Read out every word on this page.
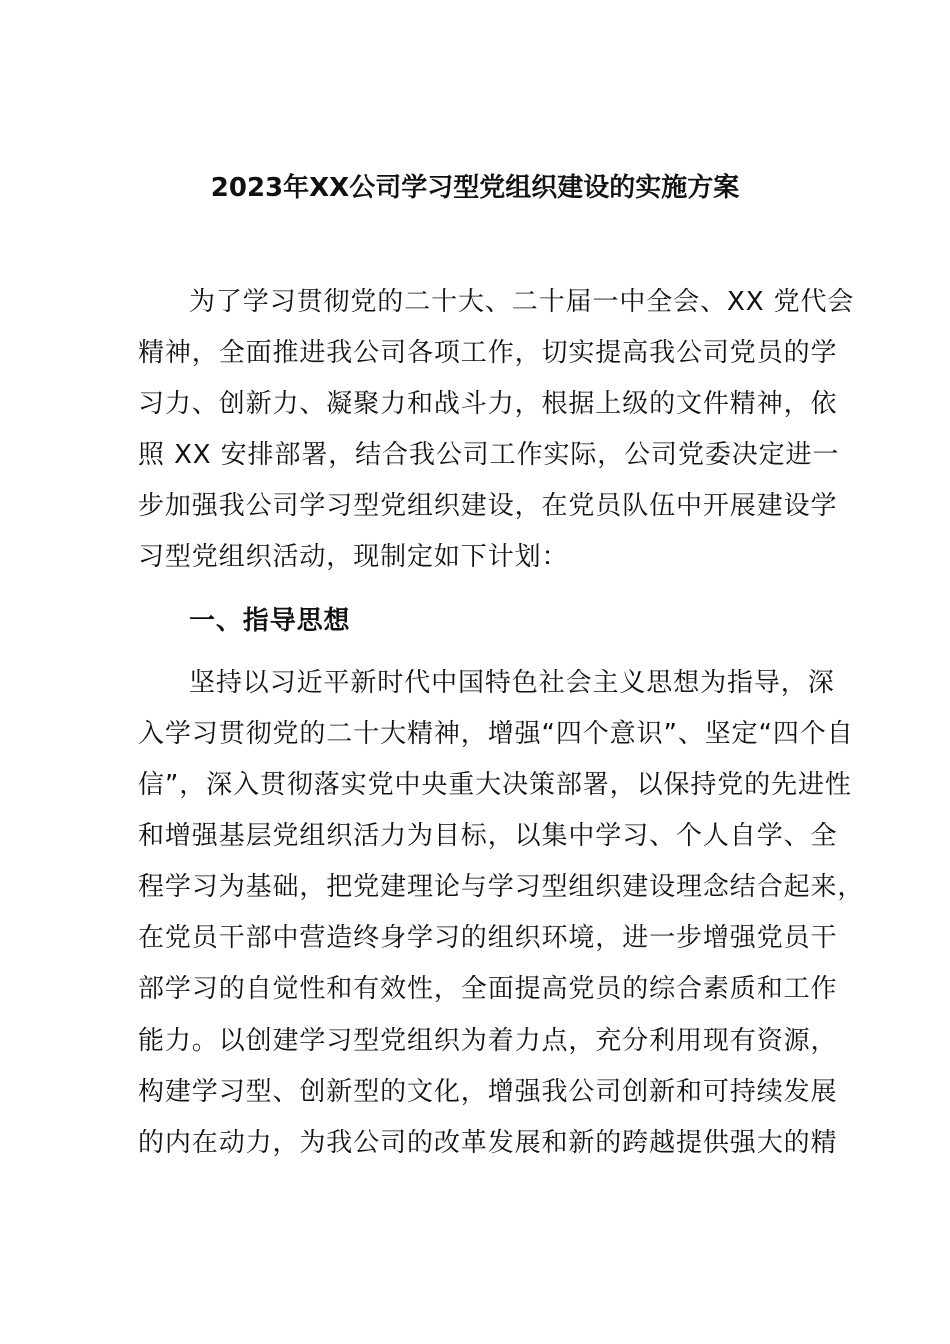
2023年XX公司学习型党组织建设的实施方案
为了学习贯彻党的二十大、二十届一中全会、XX 党代会
精神，全面推进我公司各项工作，切实提高我公司党员的学
习力、创新力、凝聚力和战斗力，根据上级的文件精神，依
照 XX 安排部署，结合我公司工作实际，公司党委决定进一
步加强我公司学习型党组织建设，在党员队伍中开展建设学
习型党组织活动，现制定如下计划：
一、指导思想
坚持以习近平新时代中国特色社会主义思想为指导，深
入学习贯彻党的二十大精神，增强“四个意识”、坚定“四个自
信”，深入贯彻落实党中央重大决策部署，以保持党的先进性
和增强基层党组织活力为目标，以集中学习、个人自学、全
程学习为基础，把党建理论与学习型组织建设理念结合起来，
在党员干部中营造终身学习的组织环境，进一步增强党员干
部学习的自觉性和有效性，全面提高党员的综合素质和工作
能力。以创建学习型党组织为着力点，充分利用现有资源，
构建学习型、创新型的文化，增强我公司创新和可持续发展
的内在动力，为我公司的改革发展和新的跨越提供强大的精
